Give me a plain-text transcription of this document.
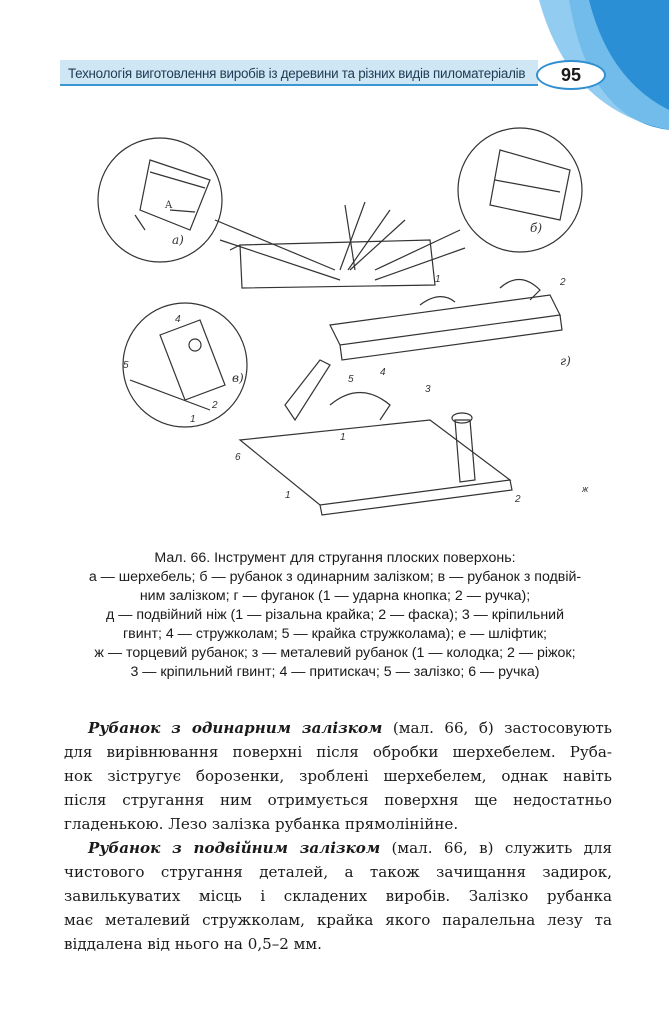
Технологія виготовлення виробів із деревини та різних видів пиломатеріалів	95
A
а)
б)
1	2
г)
4
5
2
1
в)	5
4
3
1
6
1	2
ж
Мал. 66. Інструмент для стругання плоских поверхонь:
а — шерхебель; б — рубанок з одинарним залізком; в — рубанок з подвій-
ним залізком; г — фуганок (1 — ударна кнопка; 2 — ручка);
д — подвійний ніж (1 — різальна крайка; 2 — фаска); 3 — кріпильний
гвинт; 4 — стружколам; 5 — крайка стружколама); е — шліфтик;
ж — торцевий рубанок; з — металевий рубанок (1 — колодка; 2 — ріжок;
3 — кріпильний гвинт; 4 — притискач; 5 — залізко; 6 — ручка)

Рубанок з одинарним залізком (мал. 66, б) застосовують
для вирівнювання поверхні після обробки шерхебелем. Руба-
нок зістругує борозенки, зроблені шерхебелем, однак навіть
після стругання ним отримується поверхня ще недостатньо
гладенькою. Лезо залізка рубанка прямолінійне.

Рубанок з подвійним залізком (мал. 66, в) служить для
чистового стругання деталей, а також зачищання задирок,
завилькуватих місць і складених виробів. Залізко рубанка
має металевий стружколам, крайка якого паралельна лезу та
віддалена від нього на 0,5–2 мм.
